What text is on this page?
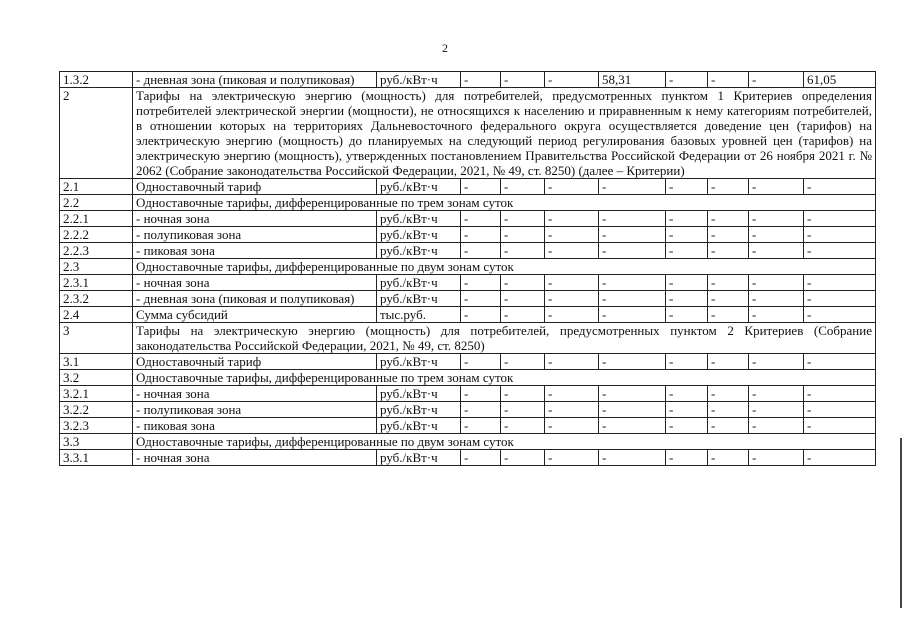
2
1.3.2	- дневная зона (пиковая и полупиковая)	руб./кВт·ч	-	-	-	58,31	-	-	-	61,05
2	Тарифы на электрическую энергию (мощность) для потребителей, предусмотренных пунктом 1 Критериев определения потребителей электрической энергии (мощности), не относящихся к населению и приравненным к нему категориям потребителей, в отношении которых на территориях Дальневосточного федерального округа осуществляется доведение цен (тарифов) на электрическую энергию (мощность) до планируемых на следующий период регулирования базовых уровней цен (тарифов) на электрическую энергию (мощность), утвержденных постановлением Правительства Российской Федерации от 26 ноября 2021 г. № 2062 (Собрание законодательства Российской Федерации, 2021, № 49, ст. 8250) (далее – Критерии)									
2.1	Одноставочный тариф	руб./кВт·ч	-	-	-	-	-	-	-	-
2.2	Одноставочные тарифы, дифференцированные по трем зонам суток									
2.2.1	- ночная зона	руб./кВт·ч	-	-	-	-	-	-	-	-
2.2.2	- полупиковая зона	руб./кВт·ч	-	-	-	-	-	-	-	-
2.2.3	- пиковая зона	руб./кВт·ч	-	-	-	-	-	-	-	-
2.3	Одноставочные тарифы, дифференцированные по двум зонам суток									
2.3.1	- ночная зона	руб./кВт·ч	-	-	-	-	-	-	-	-
2.3.2	- дневная зона (пиковая и полупиковая)	руб./кВт·ч	-	-	-	-	-	-	-	-
2.4	Сумма субсидий	тыс.руб.	-	-	-	-	-	-	-	-
3	Тарифы на электрическую энергию (мощность) для потребителей, предусмотренных пунктом 2 Критериев (Собрание законодательства Российской Федерации, 2021, № 49, ст. 8250)									
3.1	Одноставочный тариф	руб./кВт·ч	-	-	-	-	-	-	-	-
3.2	Одноставочные тарифы, дифференцированные по трем зонам суток									
3.2.1	- ночная зона	руб./кВт·ч	-	-	-	-	-	-	-	-
3.2.2	- полупиковая зона	руб./кВт·ч	-	-	-	-	-	-	-	-
3.2.3	- пиковая зона	руб./кВт·ч	-	-	-	-	-	-	-	-
3.3	Одноставочные тарифы, дифференцированные по двум зонам суток									
3.3.1	- ночная зона	руб./кВт·ч	-	-	-	-	-	-	-	-
